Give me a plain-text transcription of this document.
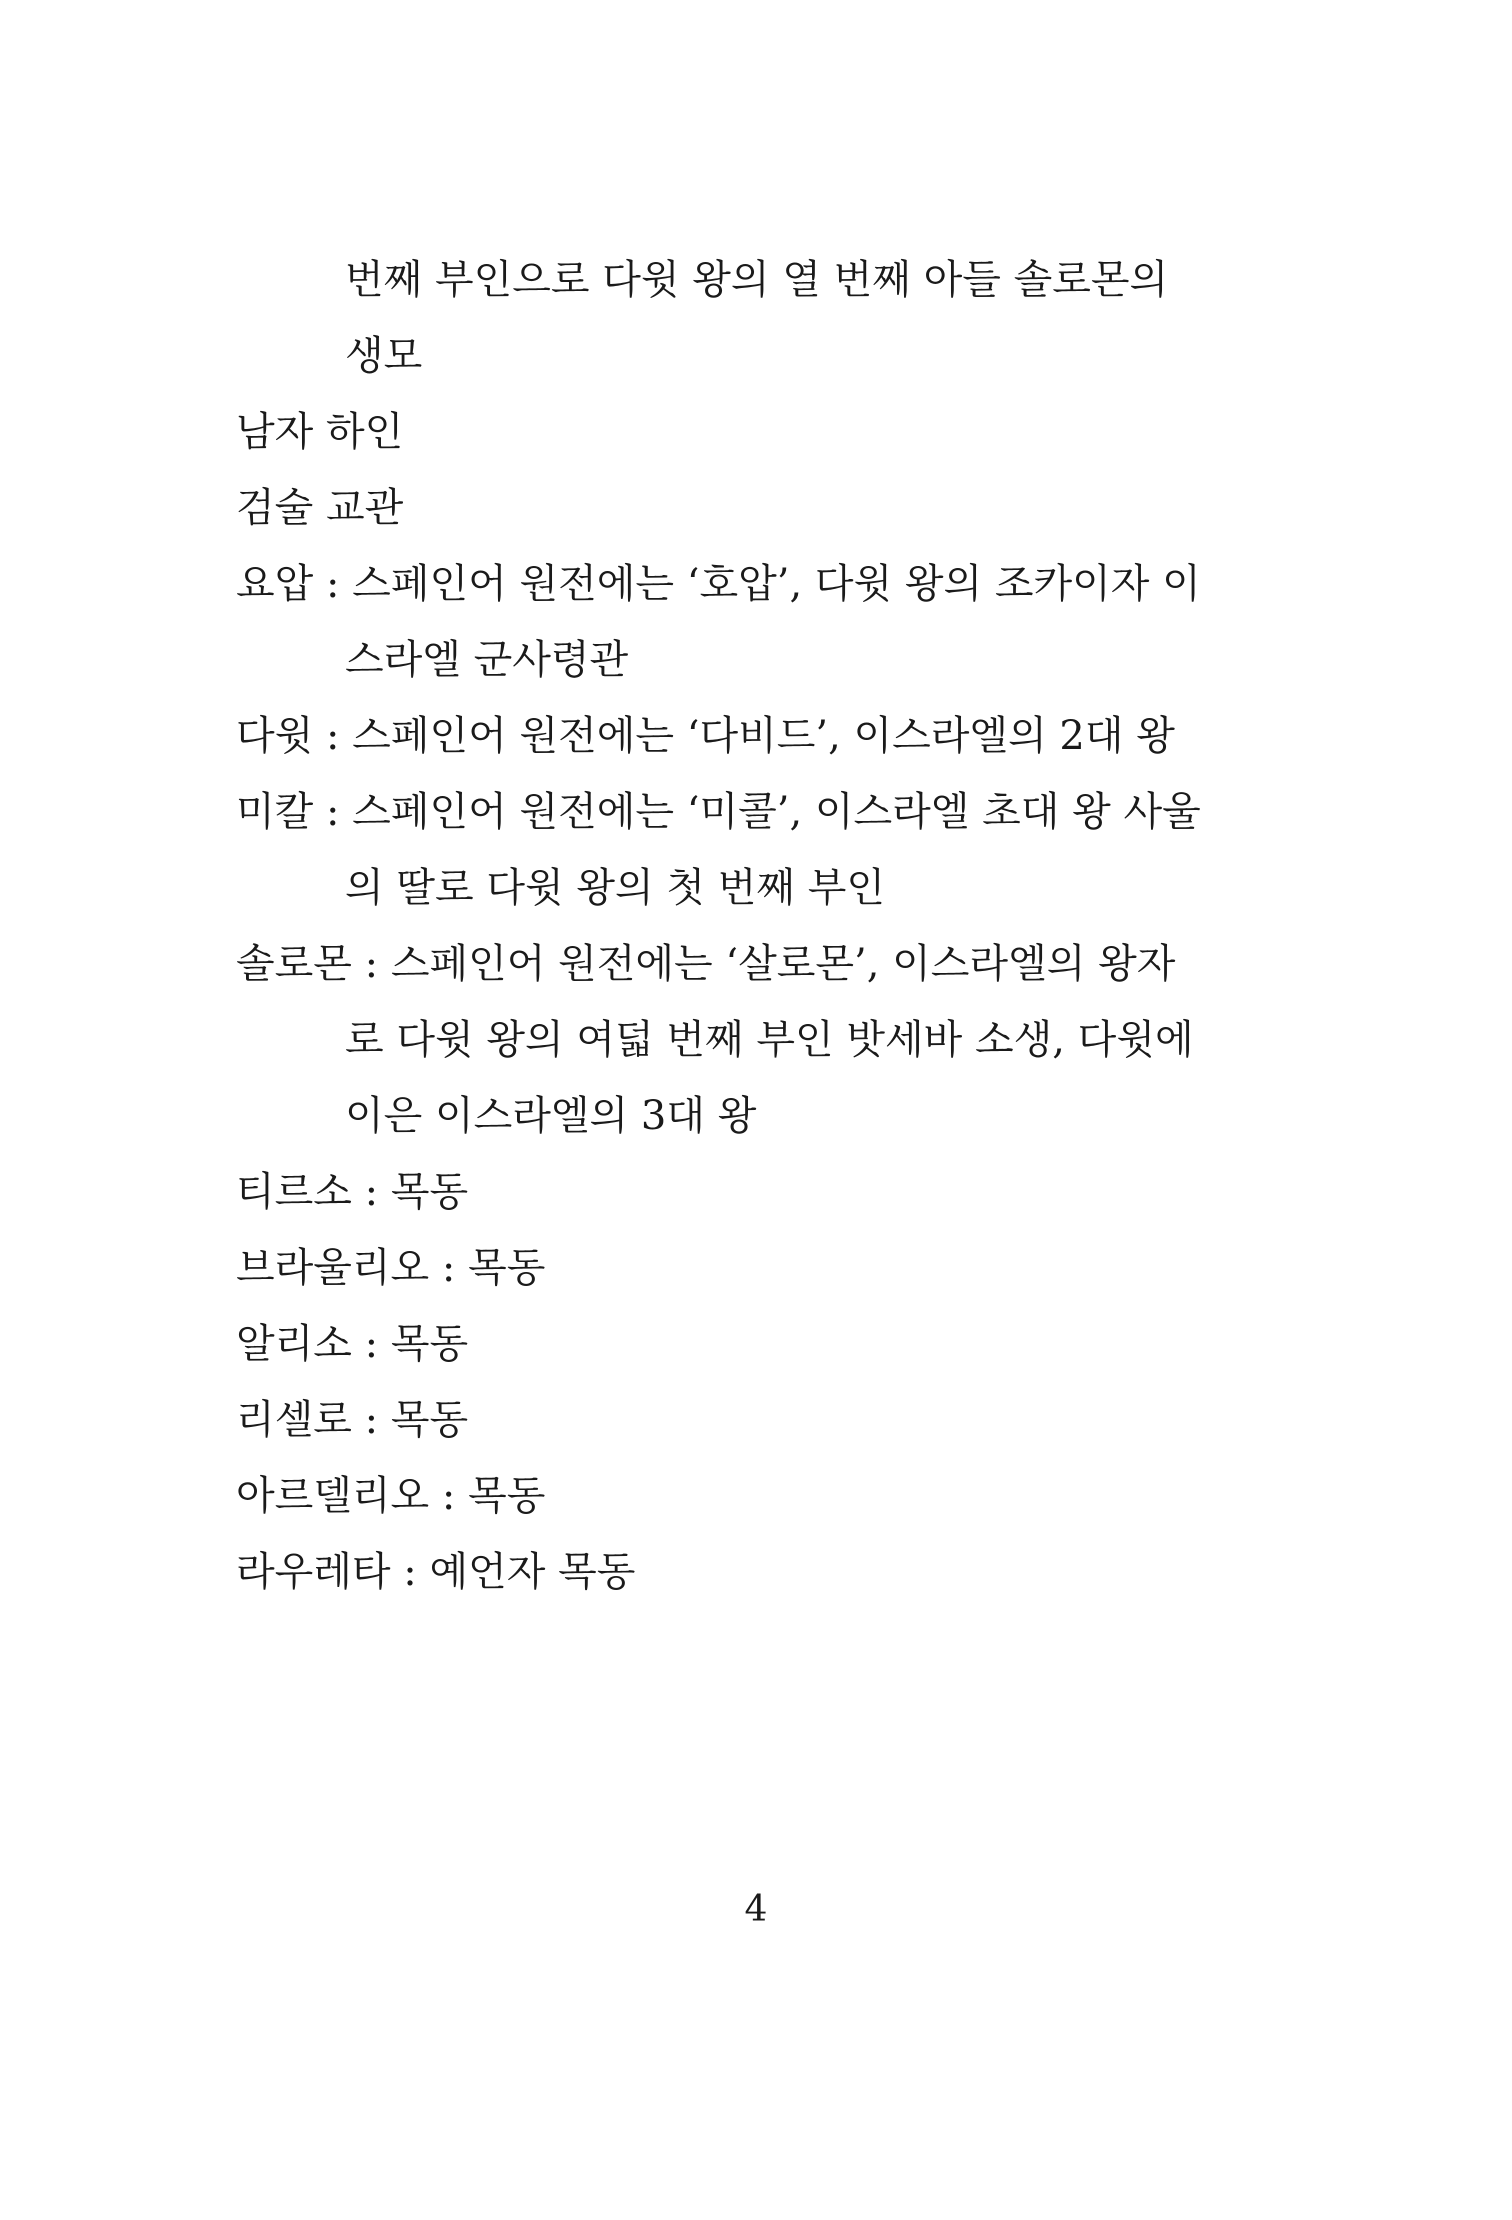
번째 부인으로 다윗 왕의 열 번째 아들 솔로몬의
생모
남자 하인
검술 교관
요압 : 스페인어 원전에는 ‘호압’, 다윗 왕의 조카이자 이
스라엘 군사령관
다윗 : 스페인어 원전에는 ‘다비드’, 이스라엘의 2대 왕
미칼 : 스페인어 원전에는 ‘미콜’, 이스라엘 초대 왕 사울
의 딸로 다윗 왕의 첫 번째 부인
솔로몬 : 스페인어 원전에는 ‘살로몬’, 이스라엘의 왕자
로 다윗 왕의 여덟 번째 부인 밧세바 소생, 다윗에
이은 이스라엘의 3대 왕
티르소 : 목동
브라울리오 : 목동
알리소 : 목동
리셀로 : 목동
아르델리오 : 목동
라우레타 : 예언자 목동
4
